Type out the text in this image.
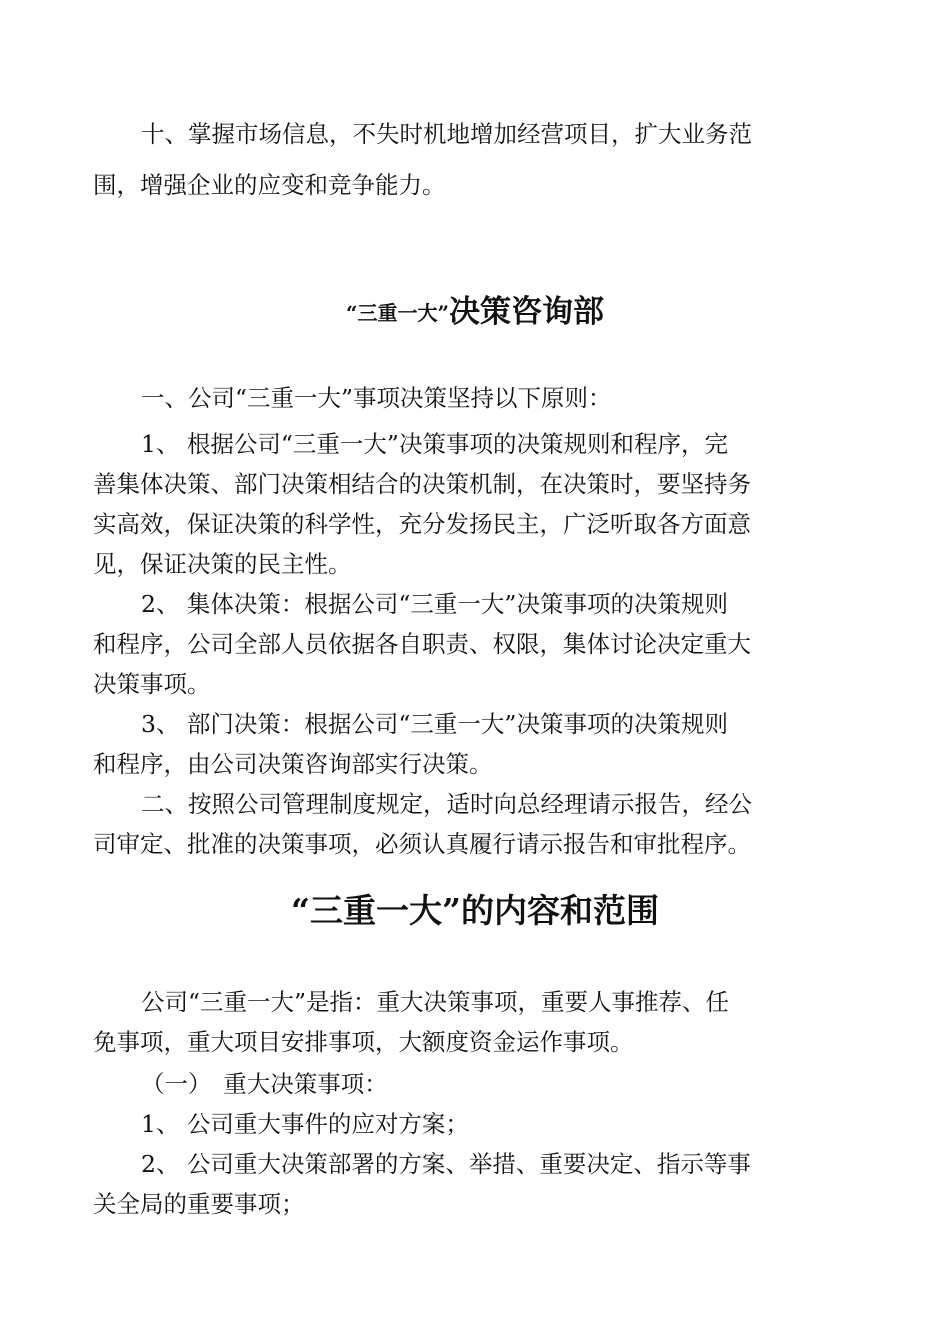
十、掌握市场信息，不失时机地增加经营项目，扩大业务范
围，增强企业的应变和竞争能力。

“三重一大”决策咨询部

一、公司“三重一大”事项决策坚持以下原则：

1、 根据公司“三重一大”决策事项的决策规则和程序，完
善集体决策、部门决策相结合的决策机制，在决策时，要坚持务
实高效，保证决策的科学性，充分发扬民主，广泛听取各方面意
见，保证决策的民主性。

2、 集体决策：根据公司“三重一大”决策事项的决策规则
和程序，公司全部人员依据各自职责、权限，集体讨论决定重大
决策事项。

3、 部门决策：根据公司“三重一大”决策事项的决策规则
和程序，由公司决策咨询部实行决策。

二、按照公司管理制度规定，适时向总经理请示报告，经公
司审定、批准的决策事项，必须认真履行请示报告和审批程序。

“三重一大”的内容和范围

公司“三重一大”是指：重大决策事项，重要人事推荐、任
免事项，重大项目安排事项，大额度资金运作事项。

（一）　重大决策事项：

1、 公司重大事件的应对方案；

2、 公司重大决策部署的方案、举措、重要决定、指示等事
关全局的重要事项；
